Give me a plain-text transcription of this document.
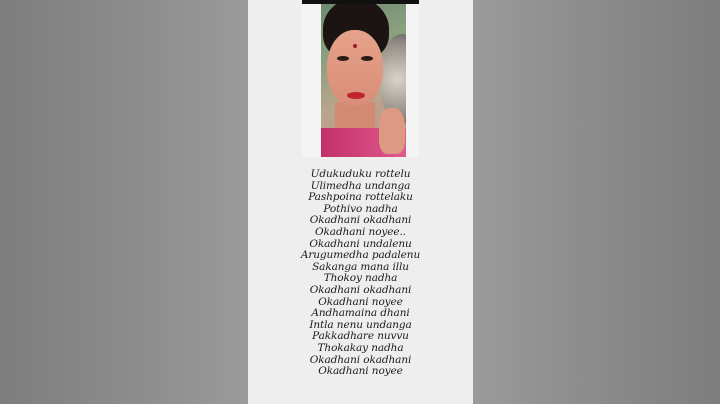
Udukuduku rottelu
Ulimedha undanga
Pashpoina rottelaku
Pothivo nadha
Okadhani okadhani
Okadhani noyee..
Okadhani undalenu
Arugumedha padalenu
Sakanga mana illu
Thokoy nadha
Okadhani okadhani
Okadhani noyee
Andhamaina dhani
Intla nenu undanga
Pakkadhare nuvvu
Thokakay nadha
Okadhani okadhani
Okadhani noyee
